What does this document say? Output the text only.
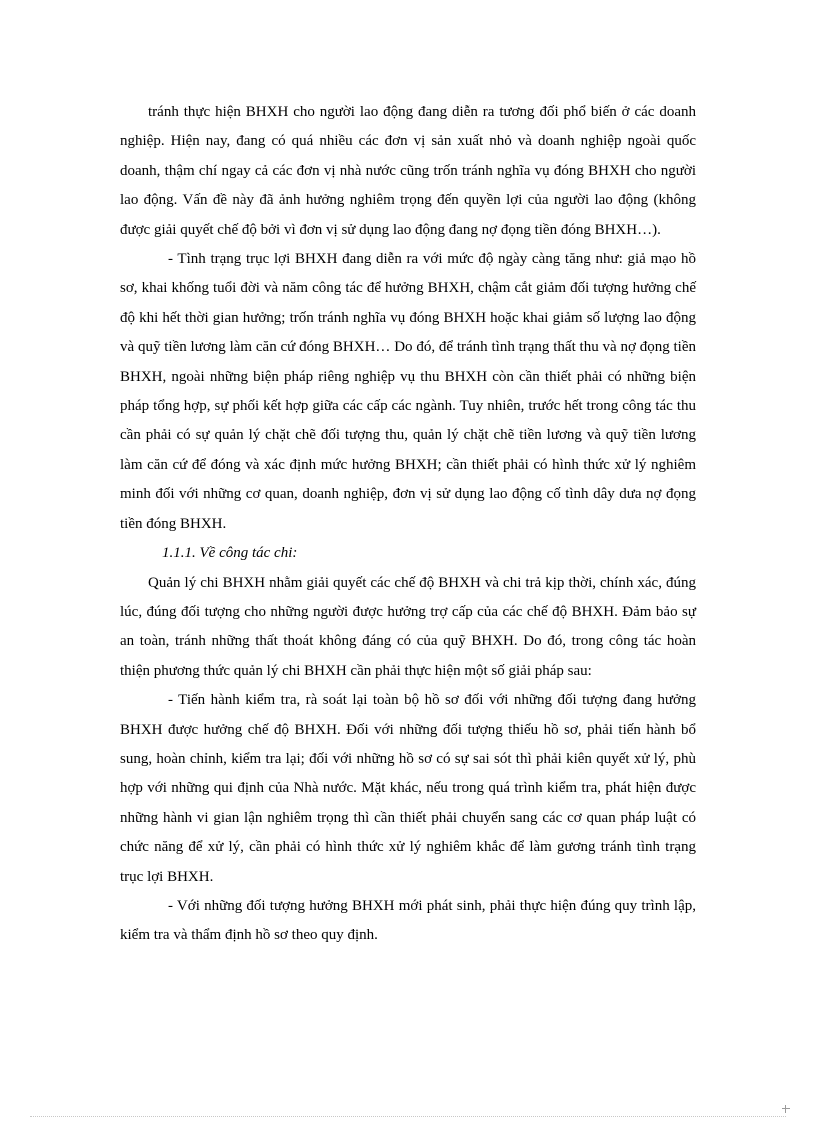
tránh thực hiện BHXH cho người lao động đang diễn ra tương đối phổ biến ở các doanh nghiệp. Hiện nay, đang có quá nhiều các đơn vị sản xuất nhỏ và doanh nghiệp ngoài quốc doanh, thậm chí ngay cả các đơn vị nhà nước cũng trốn tránh nghĩa vụ đóng BHXH cho người lao động. Vấn đề này đã ảnh hưởng nghiêm trọng đến quyền lợi của người lao động (không được giải quyết chế độ bởi vì đơn vị sử dụng lao động đang nợ đọng tiền đóng BHXH…).

- Tình trạng trục lợi BHXH đang diễn ra với mức độ ngày càng tăng như: giả mạo hồ sơ, khai khống tuổi đời và năm công tác để hưởng BHXH, chậm cắt giảm đối tượng hưởng chế độ khi hết thời gian hưởng; trốn tránh nghĩa vụ đóng BHXH hoặc khai giảm số lượng lao động và quỹ tiền lương làm căn cứ đóng BHXH… Do đó, để tránh tình trạng thất thu và nợ đọng tiền BHXH, ngoài những biện pháp riêng nghiệp vụ thu BHXH còn cần thiết phải có những biện pháp tổng hợp, sự phối kết hợp giữa các cấp các ngành. Tuy nhiên, trước hết trong công tác thu cần phải có sự quản lý chặt chẽ đối tượng thu, quản lý chặt chẽ tiền lương và quỹ tiền lương làm căn cứ để đóng và xác định mức hưởng BHXH; cần thiết phải có hình thức xử lý nghiêm minh đối với những cơ quan, doanh nghiệp, đơn vị sử dụng lao động cố tình dây dưa nợ đọng tiền đóng BHXH.

1.1.1. Về công tác chi:

Quản lý chi BHXH nhằm giải quyết các chế độ BHXH và chi trả kịp thời, chính xác, đúng lúc, đúng đối tượng cho những người được hưởng trợ cấp của các chế độ BHXH. Đảm bảo sự an toàn, tránh những thất thoát không đáng có của quỹ BHXH. Do đó, trong công tác hoàn thiện phương thức quản lý chi BHXH cần phải thực hiện một số giải pháp sau:

- Tiến hành kiểm tra, rà soát lại toàn bộ hồ sơ đối với những đối tượng đang hưởng BHXH được hưởng chế độ BHXH. Đối với những đối tượng thiếu hồ sơ, phải tiến hành bổ sung, hoàn chỉnh, kiểm tra lại; đối với những hồ sơ có sự sai sót thì phải kiên quyết xử lý, phù hợp với những qui định của Nhà nước. Mặt khác, nếu trong quá trình kiểm tra, phát hiện được những hành vi gian lận nghiêm trọng thì cần thiết phải chuyển sang các cơ quan pháp luật có chức năng để xử lý, cần phải có hình thức xử lý nghiêm khắc để làm gương tránh tình trạng trục lợi BHXH.

- Với những đối tượng hưởng BHXH mới phát sinh, phải thực hiện đúng quy trình lập, kiểm tra và thẩm định hồ sơ theo quy định.
